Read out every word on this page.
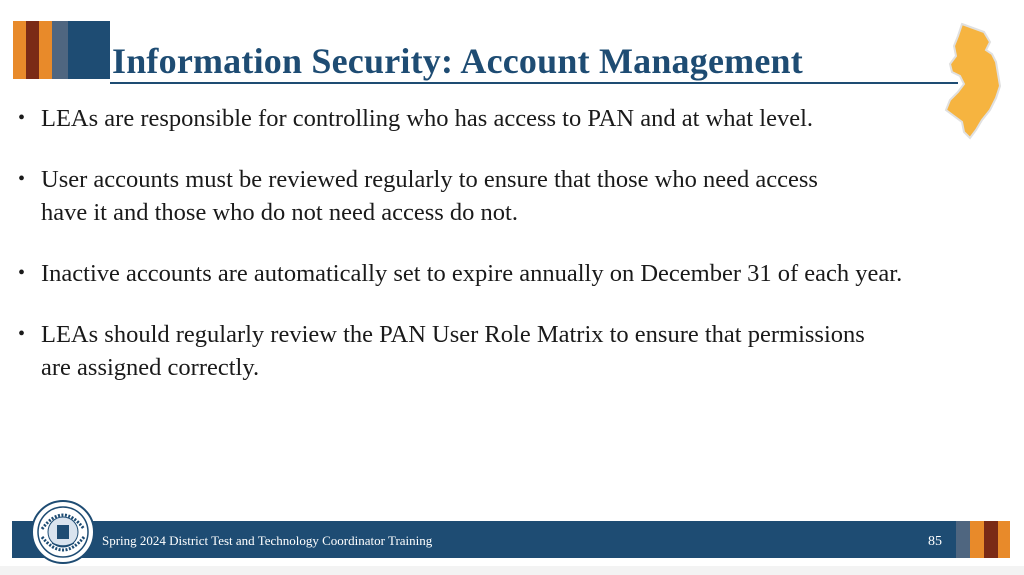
Information Security: Account Management
• LEAs are responsible for controlling who has access to PAN and at what level.
• User accounts must be reviewed regularly to ensure that those who need access have it and those who do not need access do not.
• Inactive accounts are automatically set to expire annually on December 31 of each year.
• LEAs should regularly review the PAN User Role Matrix to ensure that permissions are assigned correctly.
Spring 2024 District Test and Technology Coordinator Training	85
